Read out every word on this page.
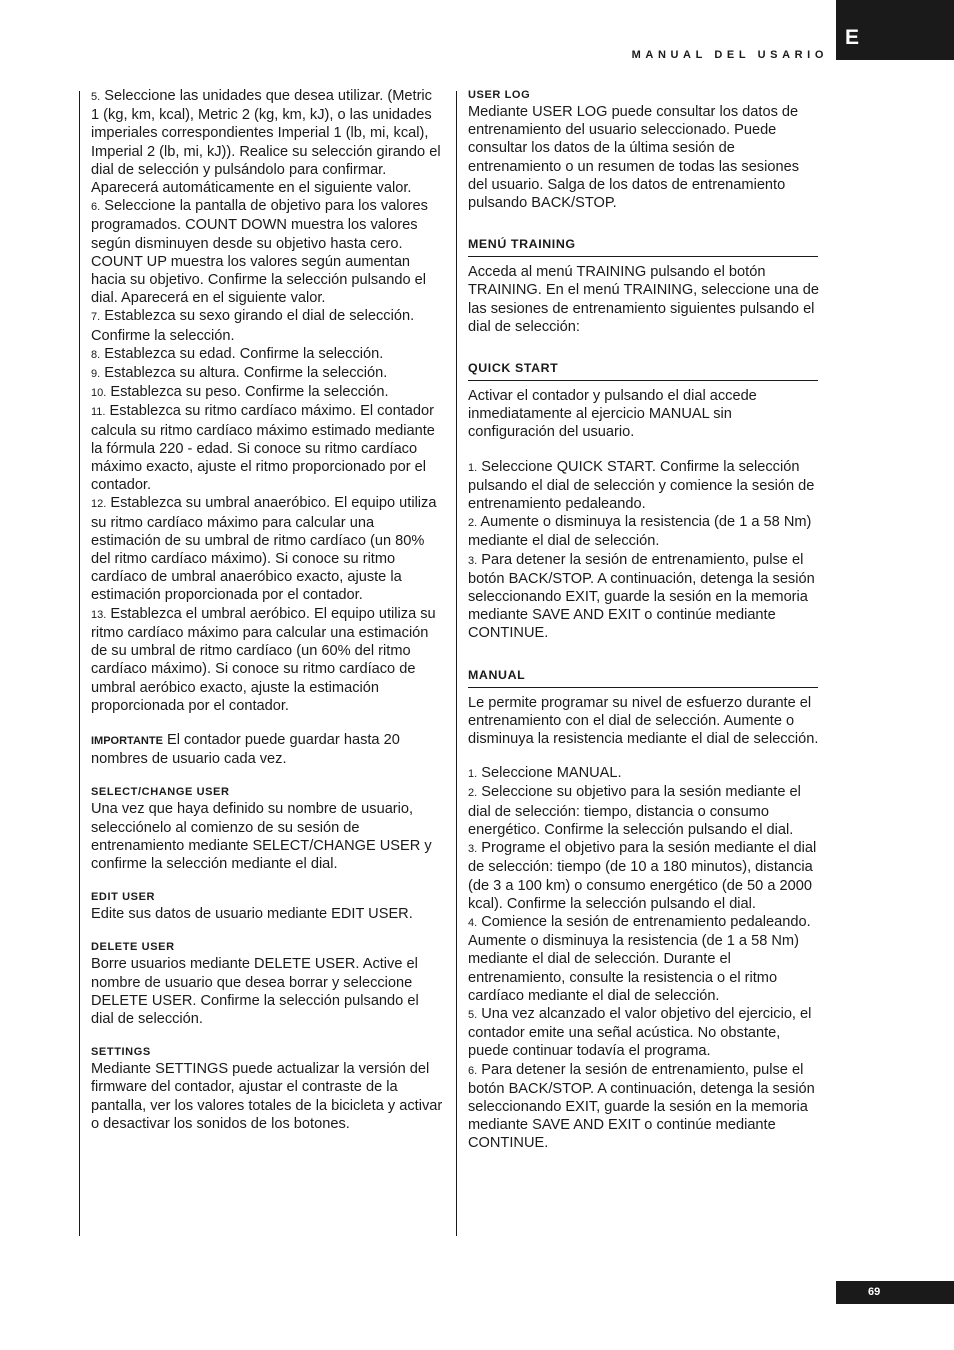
E
MANUAL DEL USARIO

5. Seleccione las unidades que desea utilizar. (Metric 1 (kg, km, kcal), Metric 2 (kg, km, kJ), o las unidades imperiales correspondientes Imperial 1 (lb, mi, kcal), Imperial 2 (lb, mi, kJ)). Realice su selección girando el dial de selección y pulsándolo para confirmar. Aparecerá automáticamente en el siguiente valor.

6. Seleccione la pantalla de objetivo para los valores programados. COUNT DOWN muestra los valores según disminuyen desde su objetivo hasta cero. COUNT UP muestra los valores según aumentan hacia su objetivo. Confirme la selección pulsando el dial. Aparecerá en el siguiente valor.

7. Establezca su sexo girando el dial de selección. Confirme la selección.

8. Establezca su edad. Confirme la selección.

9. Establezca su altura. Confirme la selección.

10. Establezca su peso. Confirme la selección.

11. Establezca su ritmo cardíaco máximo. El contador calcula su ritmo cardíaco máximo estimado mediante la fórmula 220 - edad. Si conoce su ritmo cardíaco máximo exacto, ajuste el ritmo proporcionado por el contador.

12. Establezca su umbral anaeróbico. El equipo utiliza su ritmo cardíaco máximo para calcular una estimación de su umbral de ritmo cardíaco (un 80% del ritmo cardíaco máximo). Si conoce su ritmo cardíaco de umbral anaeróbico exacto, ajuste la estimación proporcionada por el contador.

13. Establezca el umbral aeróbico. El equipo utiliza su ritmo cardíaco máximo para calcular una estimación de su umbral de ritmo cardíaco (un 60% del ritmo cardíaco máximo). Si conoce su ritmo cardíaco de umbral aeróbico exacto, ajuste la estimación proporcionada por el contador.

IMPORTANTE El contador puede guardar hasta 20 nombres de usuario cada vez.

SELECT/CHANGE USER

Una vez que haya definido su nombre de usuario, selecciónelo al comienzo de su sesión de entrenamiento mediante SELECT/CHANGE USER y confirme la selección mediante el dial.

EDIT USER

Edite sus datos de usuario mediante EDIT USER.

DELETE USER

Borre usuarios mediante DELETE USER. Active el nombre de usuario que desea borrar y seleccione DELETE USER. Confirme la selección pulsando el dial de selección.

SETTINGS

Mediante SETTINGS puede actualizar la versión del firmware del contador, ajustar el contraste de la pantalla, ver los valores totales de la bicicleta y activar o desactivar los sonidos de los botones.

USER LOG

Mediante USER LOG puede consultar los datos de entrenamiento del usuario seleccionado. Puede consultar los datos de la última sesión de entrenamiento o un resumen de todas las sesiones del usuario. Salga de los datos de entrenamiento pulsando BACK/STOP.

MENÚ TRAINING

Acceda al menú TRAINING pulsando el botón TRAINING. En el menú TRAINING, seleccione una de las sesiones de entrenamiento siguientes pulsando el dial de selección:

QUICK START

Activar el contador y pulsando el dial accede inmediatamente al ejercicio MANUAL sin configuración del usuario.

1. Seleccione QUICK START. Confirme la selección pulsando el dial de selección y comience la sesión de entrenamiento pedaleando.

2. Aumente o disminuya la resistencia (de 1 a 58 Nm) mediante el dial de selección.

3. Para detener la sesión de entrenamiento, pulse el botón BACK/STOP. A continuación, detenga la sesión seleccionando EXIT, guarde la sesión en la memoria mediante SAVE AND EXIT o continúe mediante CONTINUE.

MANUAL

Le permite programar su nivel de esfuerzo durante el entrenamiento con el dial de selección. Aumente o disminuya la resistencia mediante el dial de selección.

1. Seleccione MANUAL.

2. Seleccione su objetivo para la sesión mediante el dial de selección: tiempo, distancia o consumo energético. Confirme la selección pulsando el dial.

3. Programe el objetivo para la sesión mediante el dial de selección: tiempo (de 10 a 180 minutos), distancia (de 3 a 100 km) o consumo energético (de 50 a 2000 kcal). Confirme la selección pulsando el dial.

4. Comience la sesión de entrenamiento pedaleando. Aumente o disminuya la resistencia (de 1 a 58 Nm) mediante el dial de selección. Durante el entrenamiento, consulte la resistencia o el ritmo cardíaco mediante el dial de selección.

5. Una vez alcanzado el valor objetivo del ejercicio, el contador emite una señal acústica. No obstante, puede continuar todavía el programa.

6. Para detener la sesión de entrenamiento, pulse el botón BACK/STOP. A continuación, detenga la sesión seleccionando EXIT, guarde la sesión en la memoria mediante SAVE AND EXIT o continúe mediante CONTINUE.

69
